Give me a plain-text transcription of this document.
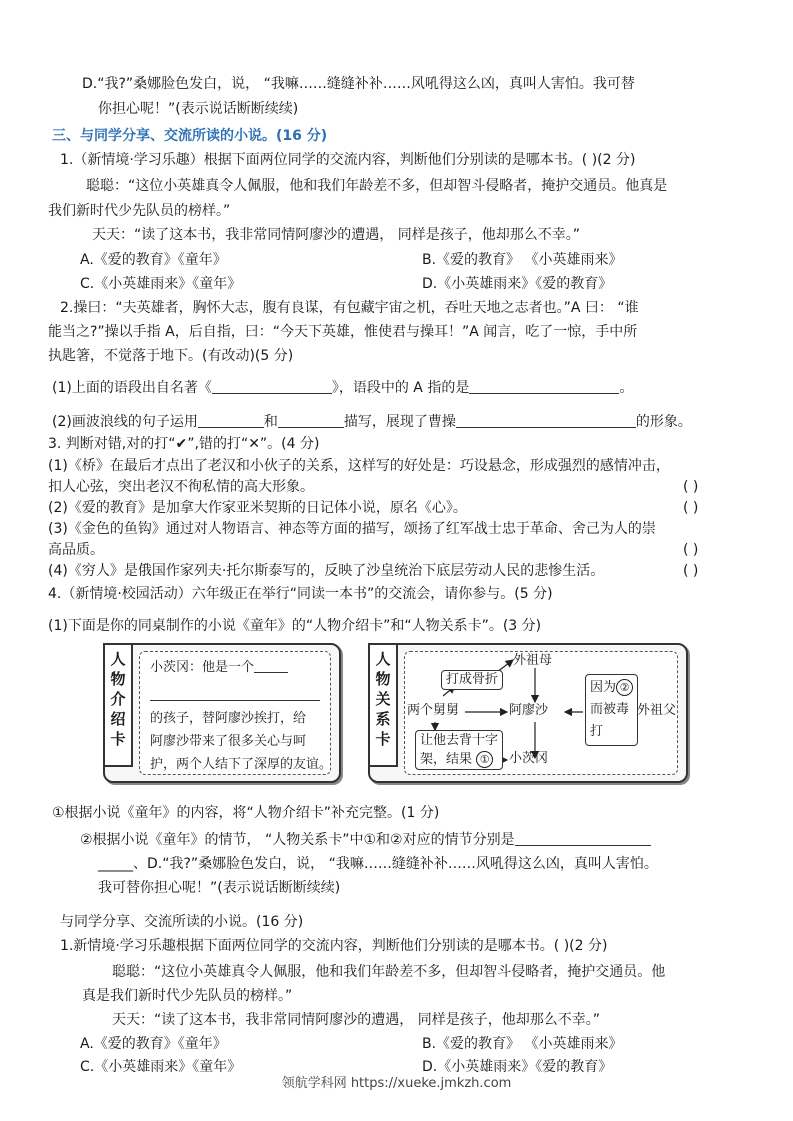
D.“我?”桑娜脸色发白，说， “我嘛……缝缝补补……风吼得这么凶，真叫人害怕。我可替
你担心呢！”(表示说话断断续续)
三、与同学分享、交流所读的小说。(16 分)
1.（新情境·学习乐趣）根据下面两位同学的交流内容，判断他们分别读的是哪本书。( )(2 分)
聪聪：“这位小英雄真令人佩服，他和我们年龄差不多，但却智斗侵略者，掩护交通员。他真是
我们新时代少先队员的榜样。”
天天：“读了这本书，我非常同情阿廖沙的遭遇， 同样是孩子，他却那么不幸。”
A.《爱的教育》《童年》	B.《爱的教育》 《小英雄雨来》
C.《小英雄雨来》《童年》	D.《小英雄雨来》《爱的教育》
2.操曰：“夫英雄者，胸怀大志，腹有良谋，有包藏宇宙之机，吞吐天地之志者也。”A 曰： “谁
能当之?”操以手指 A，后自指，曰：“今天下英雄，惟使君与操耳！”A 闻言，吃了一惊，手中所
执匙箸，不觉落于地下。(有改动)(5 分)
(1)上面的语段出自名著《	》，语段中的 A 指的是	。
(2)画波浪线的句子运用	和	描写，展现了曹操	的形象。
3. 判断对错,对的打“✔”,错的打“✕”。(4 分)
(1)《桥》在最后才点出了老汉和小伙子的关系，这样写的好处是：巧设悬念，形成强烈的感情冲击，
扣人心弦，突出老汉不徇私情的高大形象。	( )
(2)《爱的教育》是加拿大作家亚米契斯的日记体小说，原名《心》。	( )
(3)《金色的鱼钩》通过对人物语言、神态等方面的描写，颂扬了红军战士忠于革命、舍己为人的崇
高品质。	( )
(4)《穷人》是俄国作家列夫·托尔斯泰写的，反映了沙皇统治下底层劳动人民的悲惨生活。	( )
4.（新情境·校园活动）六年级正在举行“同读一本书”的交流会，请你参与。(5 分)
(1)下面是你的同桌制作的小说《童年》的“人物介绍卡”和“人物关系卡”。(3 分)
人
物
介
绍
卡
小茨冈：他是一个
的孩子，替阿廖沙挨打，给
阿廖沙带来了很多关心与呵
护，两个人结下了深厚的友谊。
人
物
关
系
卡
外祖母
打成骨折
两个舅舅	阿廖沙
让他去背十字
架，结果 ①	小茨冈
因为 ②
而被毒
打
外祖父
①根据小说《童年》的内容，将“人物介绍卡”补充完整。(1 分)
②根据小说《童年》的情节， “人物关系卡”中①和②对应的情节分别是
_____、D.“我?”桑娜脸色发白，说， “我嘛……缝缝补补……风吼得这么凶，真叫人害怕。
我可替你担心呢！”(表示说话断断续续)
与同学分享、交流所读的小说。(16 分)
1.新情境·学习乐趣根据下面两位同学的交流内容，判断他们分别读的是哪本书。( )(2 分)
聪聪：“这位小英雄真令人佩服，他和我们年龄差不多，但却智斗侵略者，掩护交通员。他
真是我们新时代少先队员的榜样。”
天天：“读了这本书，我非常同情阿廖沙的遭遇， 同样是孩子，他却那么不幸。”
A.《爱的教育》《童年》	B.《爱的教育》 《小英雄雨来》
C.《小英雄雨来》《童年》	D.《小英雄雨来》《爱的教育》
领航学科网 https://xueke.jmkzh.com
